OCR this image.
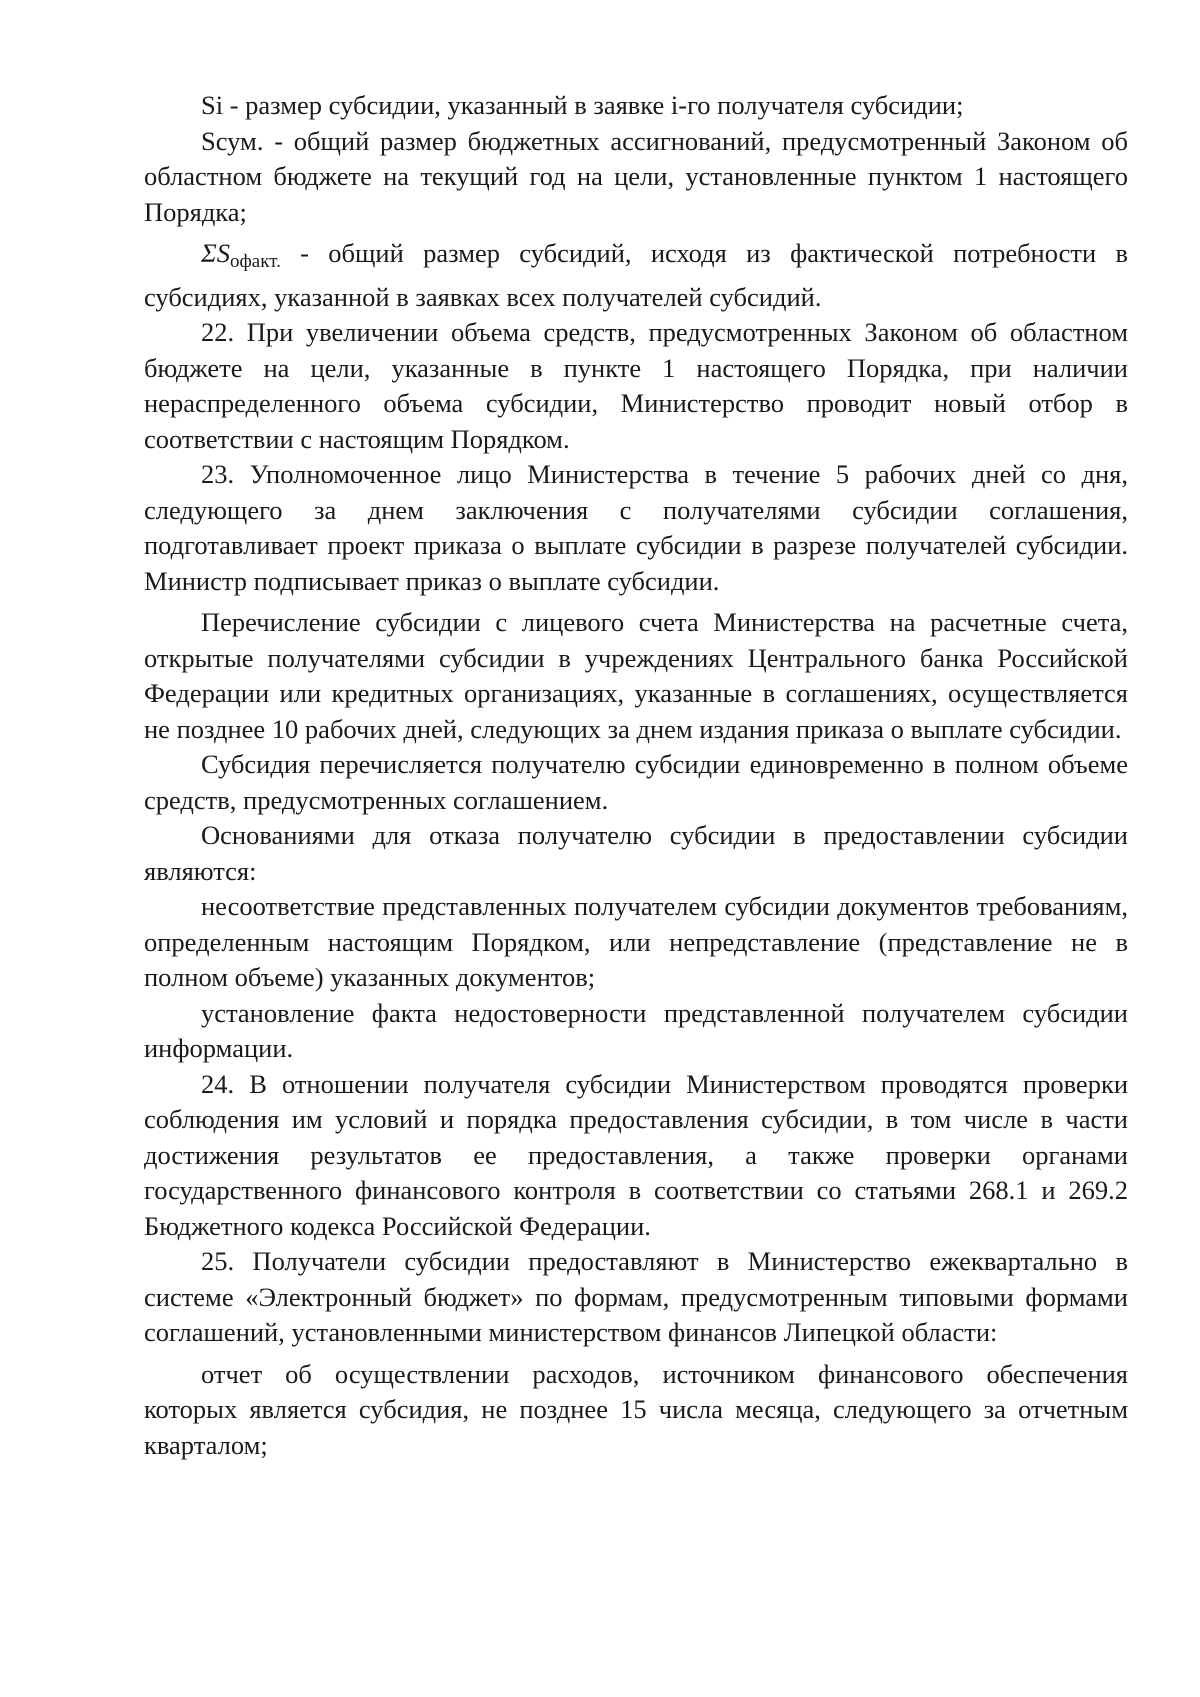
Si - размер субсидии, указанный в заявке i-го получателя субсидии;

Sсум. - общий размер бюджетных ассигнований, предусмотренный Законом об областном бюджете на текущий год на цели, установленные пунктом 1 настоящего Порядка;

ΣSофакт. - общий размер субсидий, исходя из фактической потребности в субсидиях, указанной в заявках всех получателей субсидий.

22. При увеличении объема средств, предусмотренных Законом об областном бюджете на цели, указанные в пункте 1 настоящего Порядка, при наличии нераспределенного объема субсидии, Министерство проводит новый отбор в соответствии с настоящим Порядком.

23. Уполномоченное лицо Министерства в течение 5 рабочих дней со дня, следующего за днем заключения с получателями субсидии соглашения, подготавливает проект приказа о выплате субсидии в разрезе получателей субсидии. Министр подписывает приказ о выплате субсидии.

Перечисление субсидии с лицевого счета Министерства на расчетные счета, открытые получателями субсидии в учреждениях Центрального банка Российской Федерации или кредитных организациях, указанные в соглашениях, осуществляется не позднее 10 рабочих дней, следующих за днем издания приказа о выплате субсидии.

Субсидия перечисляется получателю субсидии единовременно в полном объеме средств, предусмотренных соглашением.

Основаниями для отказа получателю субсидии в предоставлении субсидии являются:

несоответствие представленных получателем субсидии документов требованиям, определенным настоящим Порядком, или непредставление (представление не в полном объеме) указанных документов;

установление факта недостоверности представленной получателем субсидии информации.

24. В отношении получателя субсидии Министерством проводятся проверки соблюдения им условий и порядка предоставления субсидии, в том числе в части достижения результатов ее предоставления, а также проверки органами государственного финансового контроля в соответствии со статьями 268.1 и 269.2 Бюджетного кодекса Российской Федерации.

25. Получатели субсидии предоставляют в Министерство ежеквартально в системе «Электронный бюджет» по формам, предусмотренным типовыми формами соглашений, установленными министерством финансов Липецкой области:

отчет об осуществлении расходов, источником финансового обеспечения которых является субсидия, не позднее 15 числа месяца, следующего за отчетным кварталом;
